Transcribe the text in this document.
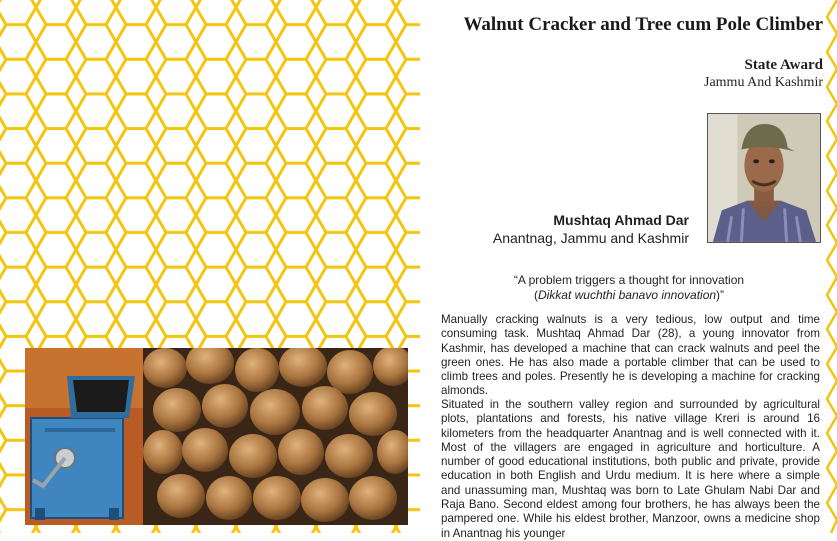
Walnut Cracker and Tree cum Pole Climber
State Award
Jammu And Kashmir
Mushtaq Ahmad Dar
Anantnag, Jammu and Kashmir
“A problem triggers a thought for innovation
(Dikkat wuchthi banavo innovation)”

Manually cracking walnuts is a very tedious, low output and time consuming task. Mushtaq Ahmad Dar (28), a young innovator from Kashmir, has developed a machine that can crack walnuts and peel the green ones. He has also made a portable climber that can be used to climb trees and poles. Presently he is developing a machine for cracking almonds.

Situated in the southern valley region and surrounded by agricultural plots, plantations and forests, his native village Kreri is around 16 kilometers from the headquarter Anantnag and is well connected with it. Most of the villagers are engaged in agriculture and horticulture. A number of good educational institutions, both public and private, provide education in both English and Urdu medium. It is here where a simple and unassuming man, Mushtaq was born to Late Ghulam Nabi Dar and Raja Bano. Second eldest among four brothers, he has always been the pampered one. While his eldest brother, Manzoor, owns a medicine shop in Anantnag his younger
